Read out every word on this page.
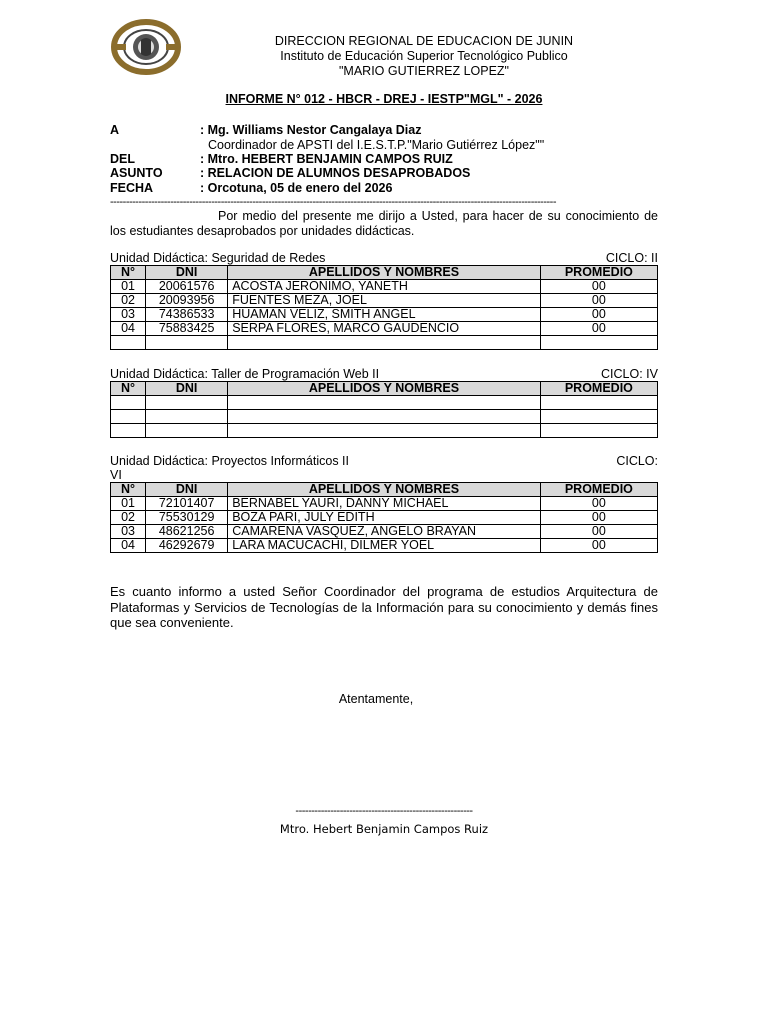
DIRECCION REGIONAL DE EDUCACION DE JUNIN
Instituto de Educación Superior Tecnológico Publico
"MARIO GUTIERREZ LOPEZ"
INFORME N° 012 - HBCR - DREJ - IESTP"MGL" - 2026
A	: Mg. Williams Nestor Cangalaya Diaz
Coordinador de APSTI del I.E.S.T.P."Mario Gutiérrez López""
DEL	: Mtro. HEBERT BENJAMIN CAMPOS RUIZ
ASUNTO	: RELACION DE ALUMNOS DESAPROBADOS
FECHA	: Orcotuna, 05 de enero del 2026
---------------------------------------------------------------------------------------------------------------------------------------------
Por medio del presente me dirijo a Usted, para hacer de su conocimiento de los estudiantes desaprobados por unidades didácticas.
Unidad Didáctica: Seguridad de Redes	CICLO: II
N°	DNI	APELLIDOS Y NOMBRES	PROMEDIO
01	20061576	ACOSTA JERONIMO, YANETH	00
02	20093956	FUENTES MEZA, JOEL	00
03	74386533	HUAMAN VELIZ, SMITH ANGEL	00
04	75883425	SERPA FLORES, MARCO GAUDENCIO	00

Unidad Didáctica: Taller de Programación Web II	CICLO: IV
N°	DNI	APELLIDOS Y NOMBRES	PROMEDIO

Unidad Didáctica: Proyectos Informáticos II	CICLO:
VI
N°	DNI	APELLIDOS Y NOMBRES	PROMEDIO
01	72101407	BERNABEL YAURI, DANNY MICHAEL	00
02	75530129	BOZA PARI, JULY EDITH	00
03	48621256	CAMARENA VASQUEZ, ANGELO BRAYAN	00
04	46292679	LARA MACUCACHI, DILMER YOEL	00
Es cuanto informo a usted Señor Coordinador del programa de estudios Arquitectura de Plataformas y Servicios de Tecnologías de la Información para su conocimiento y demás fines que sea conveniente.
Atentamente,
--------------------------------------------------------
Mtro. Hebert Benjamin Campos Ruiz
